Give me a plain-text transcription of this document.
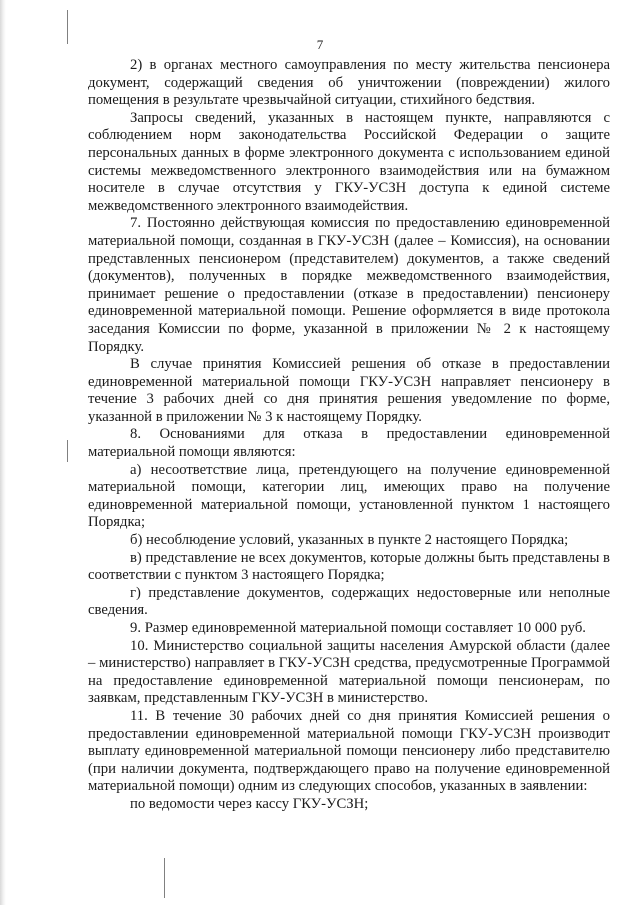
7

2) в органах местного самоуправления по месту жительства пенсионера документ, содержащий сведения об уничтожении (повреждении) жилого помещения в результате чрезвычайной ситуации, стихийного бедствия.

Запросы сведений, указанных в настоящем пункте, направляются с соблюдением норм законодательства Российской Федерации о защите персональных данных в форме электронного документа с использованием единой системы межведомственного электронного взаимодействия или на бумажном носителе в случае отсутствия у ГКУ-УСЗН доступа к единой системе межведомственного электронного взаимодействия.

7. Постоянно действующая комиссия по предоставлению единовременной материальной помощи, созданная в ГКУ-УСЗН (далее – Комиссия), на основании представленных пенсионером (представителем) документов, а также сведений (документов), полученных в порядке межведомственного взаимодействия, принимает решение о предоставлении (отказе в предоставлении) пенсионеру единовременной материальной помощи. Решение оформляется в виде протокола заседания Комиссии по форме, указанной в приложении № 2 к настоящему Порядку.

В случае принятия Комиссией решения об отказе в предоставлении единовременной материальной помощи ГКУ-УСЗН направляет пенсионеру в течение 3 рабочих дней со дня принятия решения уведомление по форме, указанной в приложении № 3 к настоящему Порядку.

8. Основаниями для отказа в предоставлении единовременной материальной помощи являются:

а) несоответствие лица, претендующего на получение единовременной материальной помощи, категории лиц, имеющих право на получение единовременной материальной помощи, установленной пунктом 1 настоящего Порядка;

б) несоблюдение условий, указанных в пункте 2 настоящего Порядка;

в) представление не всех документов, которые должны быть представлены в соответствии с пунктом 3 настоящего Порядка;

г) представление документов, содержащих недостоверные или неполные сведения.

9. Размер единовременной материальной помощи составляет 10 000 руб.

10. Министерство социальной защиты населения Амурской области (далее – министерство) направляет в ГКУ-УСЗН средства, предусмотренные Программой на предоставление единовременной материальной помощи пенсионерам, по заявкам, представленным ГКУ-УСЗН в министерство.

11. В течение 30 рабочих дней со дня принятия Комиссией решения о предоставлении единовременной материальной помощи ГКУ-УСЗН производит выплату единовременной материальной помощи пенсионеру либо представителю (при наличии документа, подтверждающего право на получение единовременной материальной помощи) одним из следующих способов, указанных в заявлении:

по ведомости через кассу ГКУ-УСЗН;
